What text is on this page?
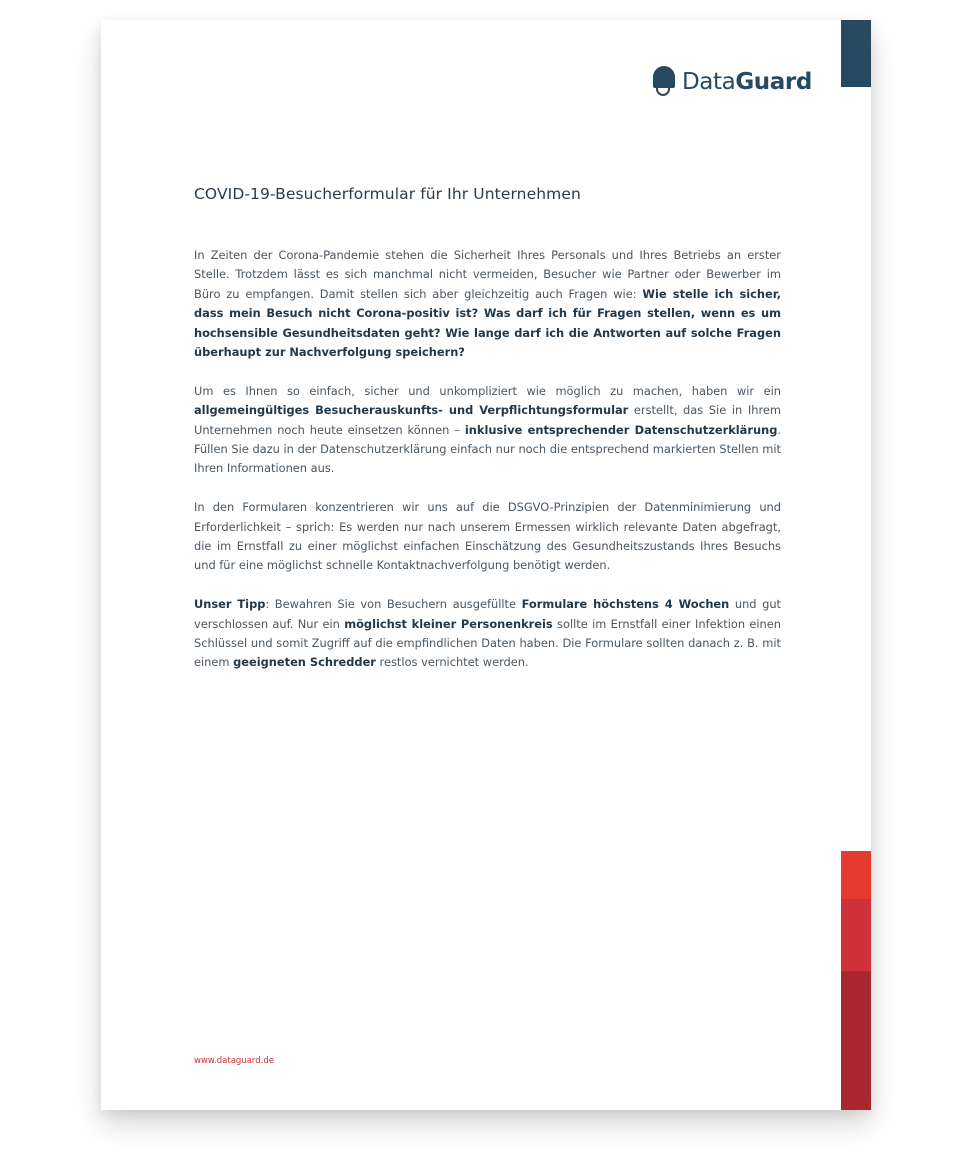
DataGuard
COVID-19-Besucherformular für Ihr Unternehmen

In Zeiten der Corona-Pandemie stehen die Sicherheit Ihres Personals und Ihres Betriebs an erster Stelle. Trotzdem lässt es sich manchmal nicht vermeiden, Besucher wie Partner oder Bewerber im Büro zu empfangen. Damit stellen sich aber gleichzeitig auch Fragen wie: Wie stelle ich sicher, dass mein Besuch nicht Corona-positiv ist? Was darf ich für Fragen stellen, wenn es um hochsensible Gesundheitsdaten geht? Wie lange darf ich die Antworten auf solche Fragen überhaupt zur Nachverfolgung speichern?

Um es Ihnen so einfach, sicher und unkompliziert wie möglich zu machen, haben wir ein allgemeingültiges Besucherauskunfts- und Verpflichtungsformular erstellt, das Sie in Ihrem Unternehmen noch heute einsetzen können – inklusive entsprechender Datenschutzerklärung. Füllen Sie dazu in der Datenschutzerklärung einfach nur noch die entsprechend markierten Stellen mit Ihren Informationen aus.

In den Formularen konzentrieren wir uns auf die DSGVO-Prinzipien der Datenminimierung und Erforderlichkeit – sprich: Es werden nur nach unserem Ermessen wirklich relevante Daten abgefragt, die im Ernstfall zu einer möglichst einfachen Einschätzung des Gesundheitszustands Ihres Besuchs und für eine möglichst schnelle Kontaktnachverfolgung benötigt werden.

Unser Tipp: Bewahren Sie von Besuchern ausgefüllte Formulare höchstens 4 Wochen und gut verschlossen auf. Nur ein möglichst kleiner Personenkreis sollte im Ernstfall einer Infektion einen Schlüssel und somit Zugriff auf die empfindlichen Daten haben. Die Formulare sollten danach z. B. mit einem geeigneten Schredder restlos vernichtet werden.

www.dataguard.de
